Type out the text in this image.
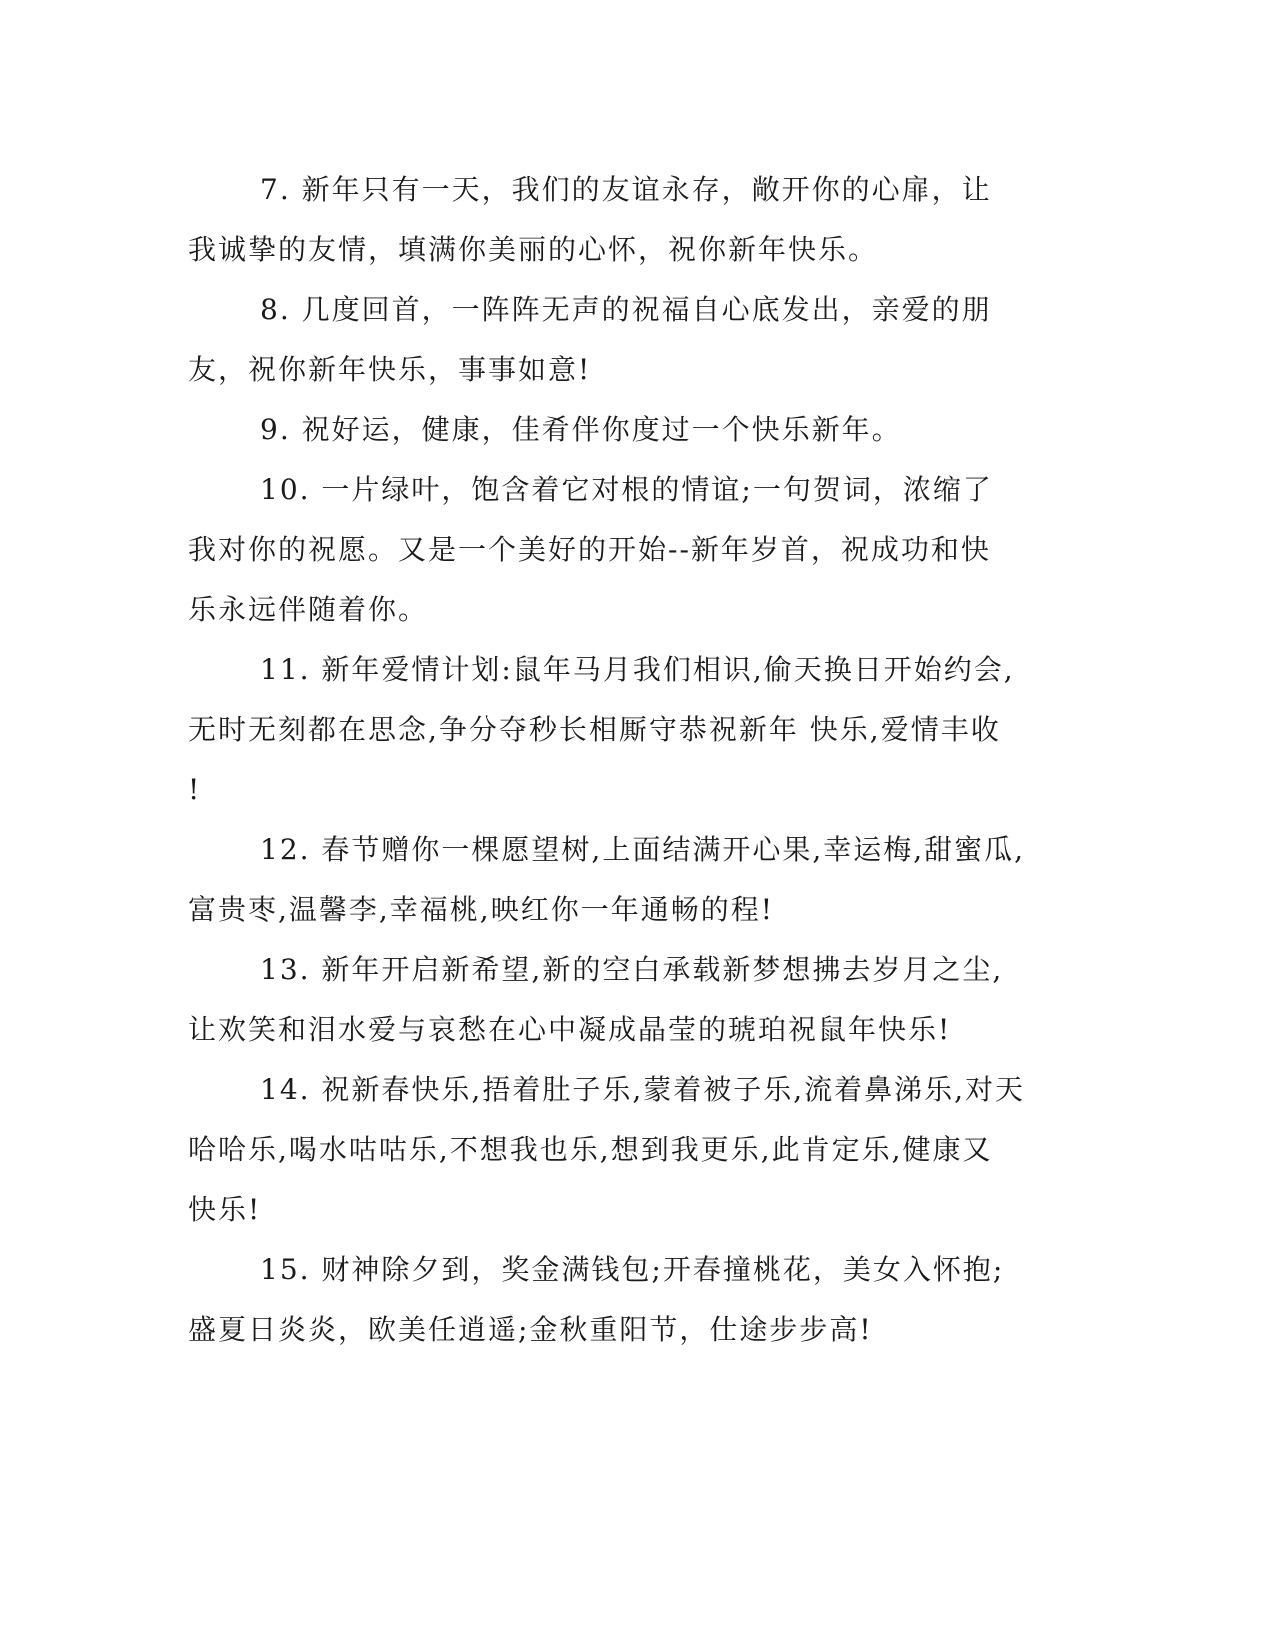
7. 新年只有一天，我们的友谊永存，敞开你的心扉，让
我诚挚的友情，填满你美丽的心怀，祝你新年快乐。

8. 几度回首，一阵阵无声的祝福自心底发出，亲爱的朋
友，祝你新年快乐，事事如意!

9. 祝好运，健康，佳肴伴你度过一个快乐新年。

10. 一片绿叶，饱含着它对根的情谊;一句贺词，浓缩了
我对你的祝愿。又是一个美好的开始--新年岁首，祝成功和快
乐永远伴随着你。

11. 新年爱情计划:鼠年马月我们相识,偷天换日开始约会,
无时无刻都在思念,争分夺秒长相厮守恭祝新年 快乐,爱情丰收
!

12. 春节赠你一棵愿望树,上面结满开心果,幸运梅,甜蜜瓜,
富贵枣,温馨李,幸福桃,映红你一年通畅的程!

13. 新年开启新希望,新的空白承载新梦想拂去岁月之尘,
让欢笑和泪水爱与哀愁在心中凝成晶莹的琥珀祝鼠年快乐!

14. 祝新春快乐,捂着肚子乐,蒙着被子乐,流着鼻涕乐,对天
哈哈乐,喝水咕咕乐,不想我也乐,想到我更乐,此肯定乐,健康又
快乐!

15. 财神除夕到，奖金满钱包;开春撞桃花，美女入怀抱;
盛夏日炎炎，欧美任逍遥;金秋重阳节，仕途步步高!
